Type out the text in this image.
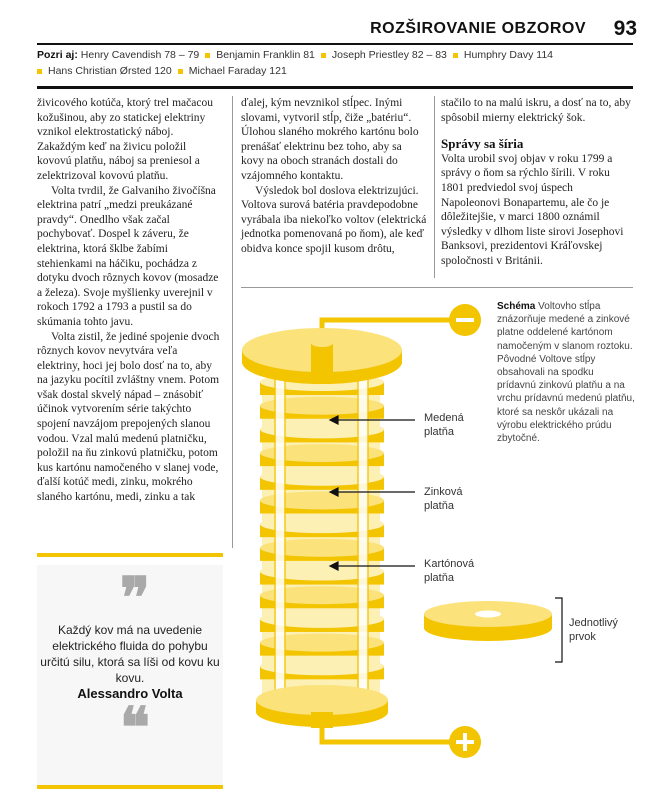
ROZŠIROVANIE OBZOROV 93
Pozri aj: Henry Cavendish 78 – 79 Benjamin Franklin 81 Joseph Priestley 82 – 83 Humphry Davy 114
Hans Christian Ørsted 120 Michael Faraday 121

živicového kotúča, ktorý trel mačacou kožušinou, aby zo statickej elektriny vznikol elektrostatický náboj. Zakaždým keď na živicu položil kovovú platňu, náboj sa preniesol a zelektrizoval kovovú platňu.

Volta tvrdil, že Galvaniho živočíšna elektrina patrí „medzi preukázané pravdy“. Onedlho však začal pochybovať. Dospel k záveru, že elektrina, ktorá šklbe žabími stehienkami na háčiku, pochádza z dotyku dvoch rôznych kovov (mosadze a železa). Svoje myšlienky uverejnil v rokoch 1792 a 1793 a pustil sa do skúmania tohto javu.

Volta zistil, že jediné spojenie dvoch rôznych kovov nevytvára veľa elektriny, hoci jej bolo dosť na to, aby na jazyku pocítil zvláštny vnem. Potom však dostal skvelý nápad – znásobiť účinok vytvorením série takýchto spojení navzájom prepojených slanou vodou. Vzal malú medenú platničku, položil na ňu zinkovú platničku, potom kus kartónu namočeného v slanej vode, ďalší kotúč medi, zinku, mokrého slaného kartónu, medi, zinku a tak

ďalej, kým nevznikol stĺpec. Inými slovami, vytvoril stĺp, čiže „batériu“. Úlohou slaného mokrého kartónu bolo prenášať elektrinu bez toho, aby sa kovy na oboch stranách dostali do vzájomného kontaktu.

Výsledok bol doslova elektrizujúci. Voltova surová batéria pravdepodobne vyrábala iba niekoľko voltov (elektrická jednotka pomenovaná po ňom), ale keď obidva konce spojil kusom drôtu,

stačilo to na malú iskru, a dosť na to, aby spôsobil mierny elektrický šok.

Správy sa šíria

Volta urobil svoj objav v roku 1799 a správy o ňom sa rýchlo šírili. V roku 1801 predviedol svoj úspech Napoleonovi Bonapartemu, ale čo je dôležitejšie, v marci 1800 oznámil výsledky v dlhom liste sirovi Josephovi Banksovi, prezidentovi Kráľovskej spoločnosti v Británii.

❞
Každý kov má na uvedenie elektrického fluida do pohybu určitú silu, ktorá sa líši od kovu ku kovu.
Alessandro Volta
❝
Medená platňa
Zinková platňa
Kartónová platňa
Jednotlivý prvok
Schéma Voltovho stĺpa znázorňuje medené a zinkové platne oddelené kartónom namočeným v slanom roztoku. Pôvodné Voltove stĺpy obsahovali na spodku prídavnú zinkovú platňu a na vrchu prídavnú medenú platňu, ktoré sa neskôr ukázali na výrobu elektrického prúdu zbytočné.
